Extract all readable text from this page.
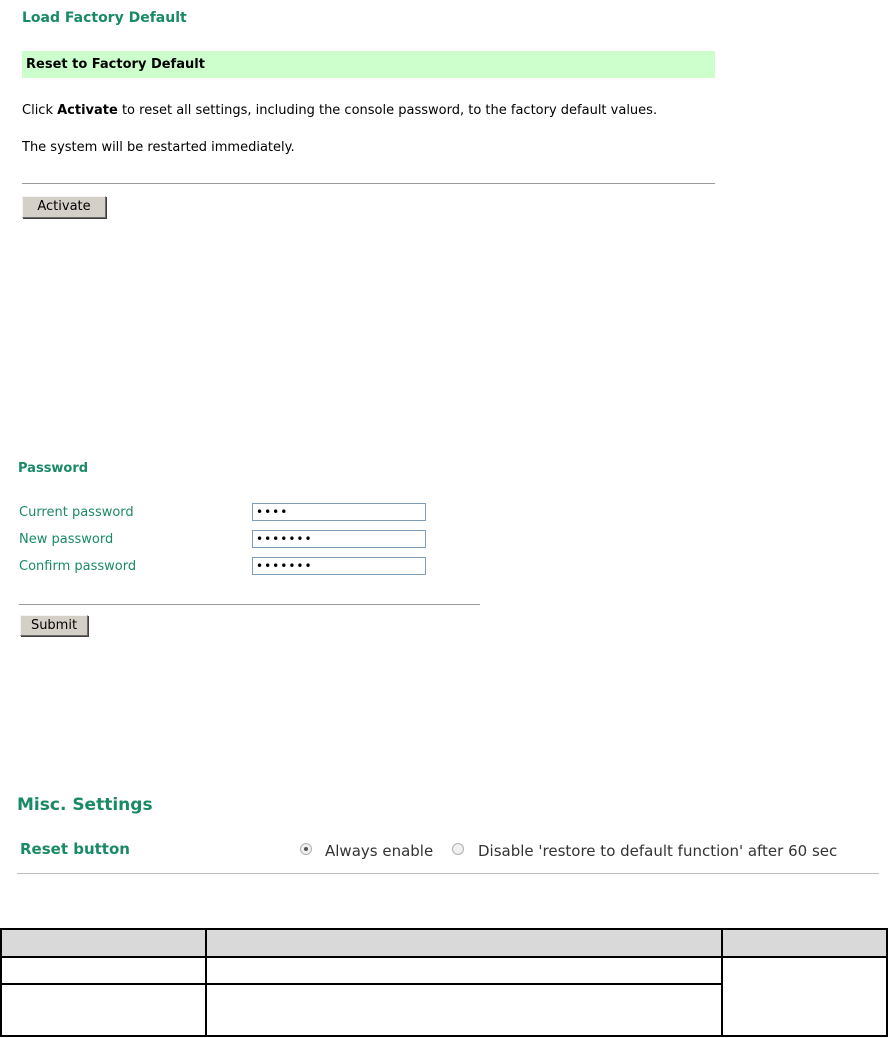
Load Factory Default
Reset to Factory Default
Click Activate to reset all settings, including the console password, to the factory default values.
The system will be restarted immediately.
Activate
Password
Current password	••••
New password	•••••••
Confirm password	•••••••
Submit
Misc. Settings
Reset button	Always enable	Disable 'restore to default function' after 60 sec
